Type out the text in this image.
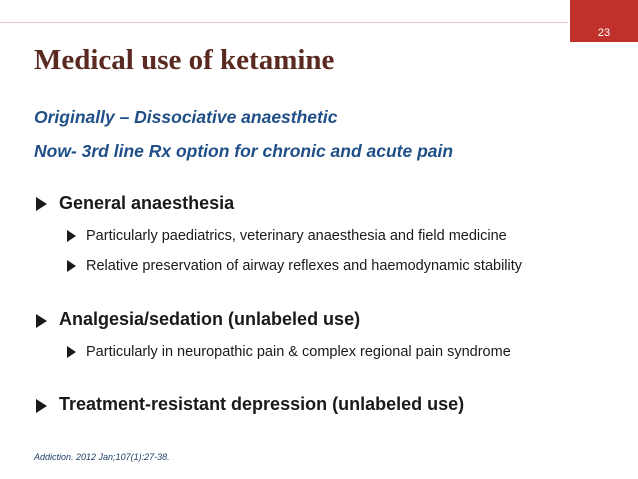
23
Medical use of ketamine
Originally – Dissociative anaesthetic
Now- 3rd line Rx option for chronic and acute pain
General anaesthesia
Particularly paediatrics, veterinary anaesthesia and field medicine
Relative preservation of airway reflexes and haemodynamic stability
Analgesia/sedation (unlabeled use)
Particularly in neuropathic pain & complex regional pain syndrome
Treatment-resistant depression (unlabeled use)
Addiction. 2012 Jan;107(1):27-38.
